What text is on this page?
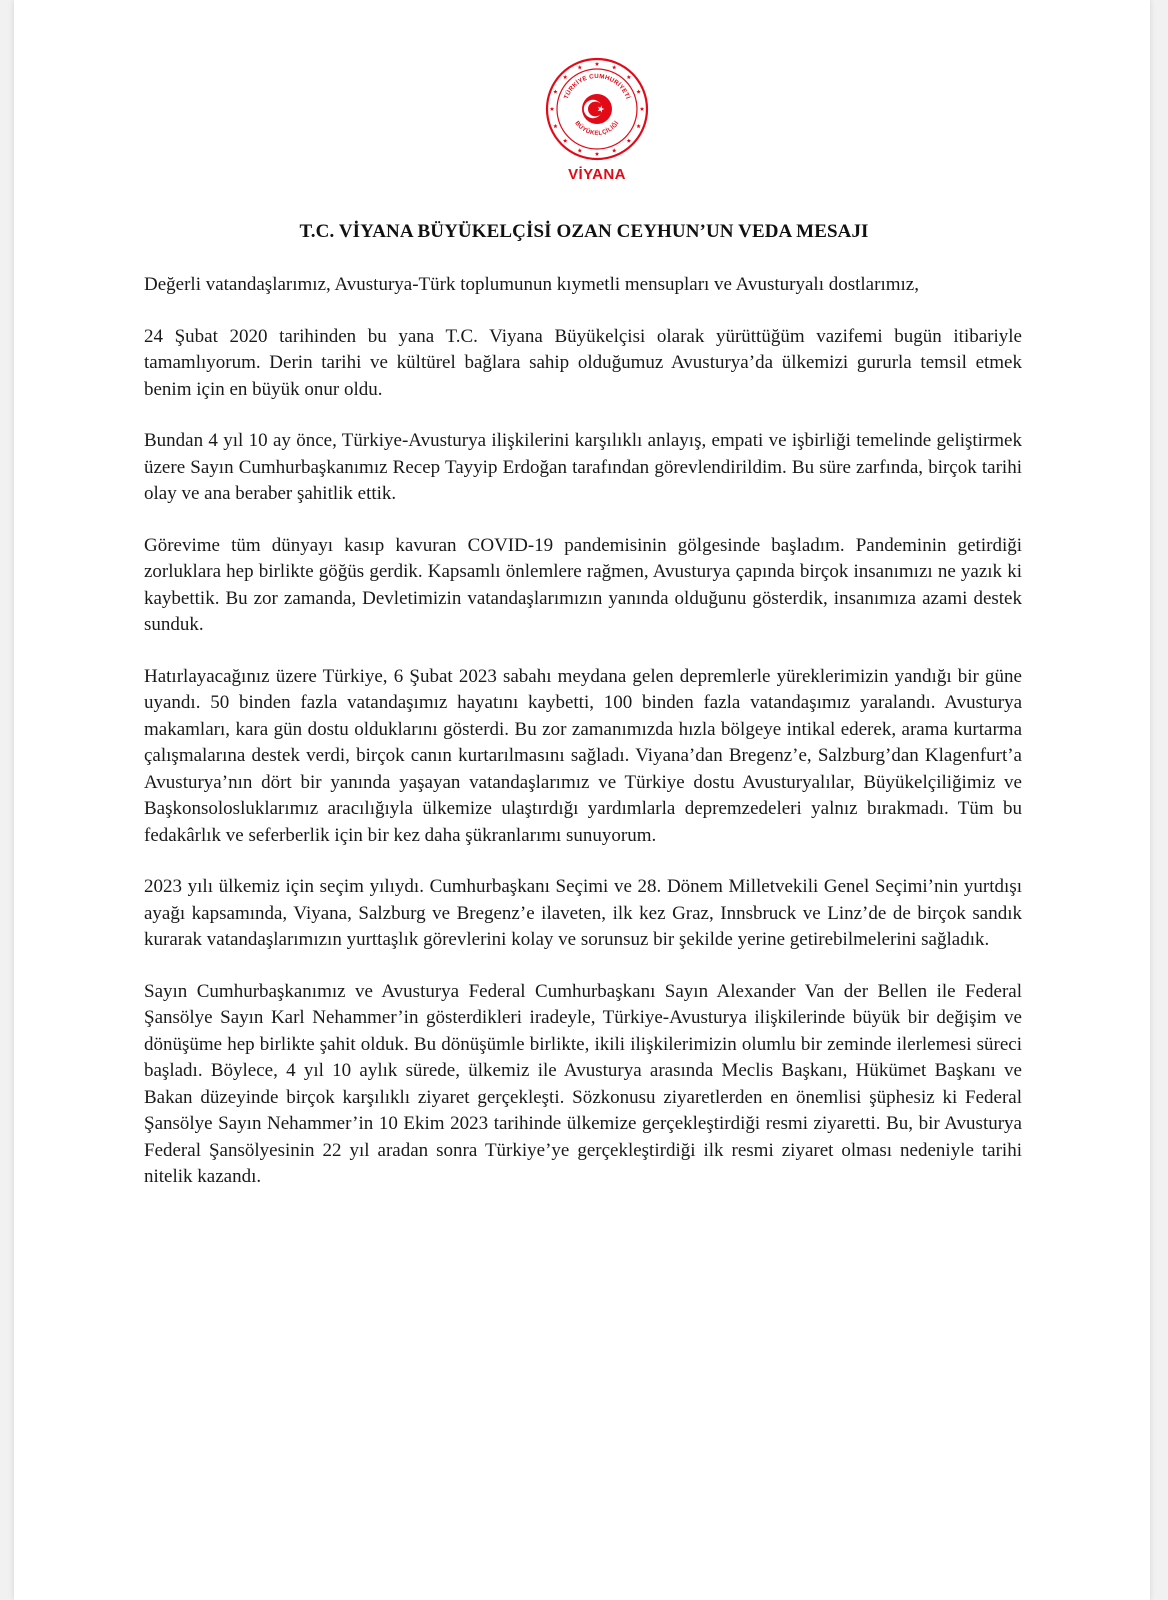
TÜRKİYE CUMHURİYETİ
BÜYÜKELÇİLİĞİ
VİYANA
T.C. VİYANA BÜYÜKELÇİSİ OZAN CEYHUN’UN VEDA MESAJI

Değerli vatandaşlarımız, Avusturya-Türk toplumunun kıymetli mensupları ve Avusturyalı dostlarımız,

24 Şubat 2020 tarihinden bu yana T.C. Viyana Büyükelçisi olarak yürüttüğüm vazifemi bugün itibariyle tamamlıyorum. Derin tarihi ve kültürel bağlara sahip olduğumuz Avusturya’da ülkemizi gururla temsil etmek benim için en büyük onur oldu.

Bundan 4 yıl 10 ay önce, Türkiye-Avusturya ilişkilerini karşılıklı anlayış, empati ve işbirliği temelinde geliştirmek üzere Sayın Cumhurbaşkanımız Recep Tayyip Erdoğan tarafından görevlendirildim. Bu süre zarfında, birçok tarihi olay ve ana beraber şahitlik ettik.

Görevime tüm dünyayı kasıp kavuran COVID-19 pandemisinin gölgesinde başladım. Pandeminin getirdiği zorluklara hep birlikte göğüs gerdik. Kapsamlı önlemlere rağmen, Avusturya çapında birçok insanımızı ne yazık ki kaybettik. Bu zor zamanda, Devletimizin vatandaşlarımızın yanında olduğunu gösterdik, insanımıza azami destek sunduk.

Hatırlayacağınız üzere Türkiye, 6 Şubat 2023 sabahı meydana gelen depremlerle yüreklerimizin yandığı bir güne uyandı. 50 binden fazla vatandaşımız hayatını kaybetti, 100 binden fazla vatandaşımız yaralandı. Avusturya makamları, kara gün dostu olduklarını gösterdi. Bu zor zamanımızda hızla bölgeye intikal ederek, arama kurtarma çalışmalarına destek verdi, birçok canın kurtarılmasını sağladı. Viyana’dan Bregenz’e, Salzburg’dan Klagenfurt’a Avusturya’nın dört bir yanında yaşayan vatandaşlarımız ve Türkiye dostu Avusturyalılar, Büyükelçiliğimiz ve Başkonsolosluklarımız aracılığıyla ülkemize ulaştırdığı yardımlarla depremzedeleri yalnız bırakmadı. Tüm bu fedakârlık ve seferberlik için bir kez daha şükranlarımı sunuyorum.

2023 yılı ülkemiz için seçim yılıydı. Cumhurbaşkanı Seçimi ve 28. Dönem Milletvekili Genel Seçimi’nin yurtdışı ayağı kapsamında, Viyana, Salzburg ve Bregenz’e ilaveten, ilk kez Graz, Innsbruck ve Linz’de de birçok sandık kurarak vatandaşlarımızın yurttaşlık görevlerini kolay ve sorunsuz bir şekilde yerine getirebilmelerini sağladık.

Sayın Cumhurbaşkanımız ve Avusturya Federal Cumhurbaşkanı Sayın Alexander Van der Bellen ile Federal Şansölye Sayın Karl Nehammer’in gösterdikleri iradeyle, Türkiye-Avusturya ilişkilerinde büyük bir değişim ve dönüşüme hep birlikte şahit olduk. Bu dönüşümle birlikte, ikili ilişkilerimizin olumlu bir zeminde ilerlemesi süreci başladı. Böylece, 4 yıl 10 aylık sürede, ülkemiz ile Avusturya arasında Meclis Başkanı, Hükümet Başkanı ve Bakan düzeyinde birçok karşılıklı ziyaret gerçekleşti. Sözkonusu ziyaretlerden en önemlisi şüphesiz ki Federal Şansölye Sayın Nehammer’in 10 Ekim 2023 tarihinde ülkemize gerçekleştirdiği resmi ziyaretti. Bu, bir Avusturya Federal Şansölyesinin 22 yıl aradan sonra Türkiye’ye gerçekleştirdiği ilk resmi ziyaret olması nedeniyle tarihi nitelik kazandı.
